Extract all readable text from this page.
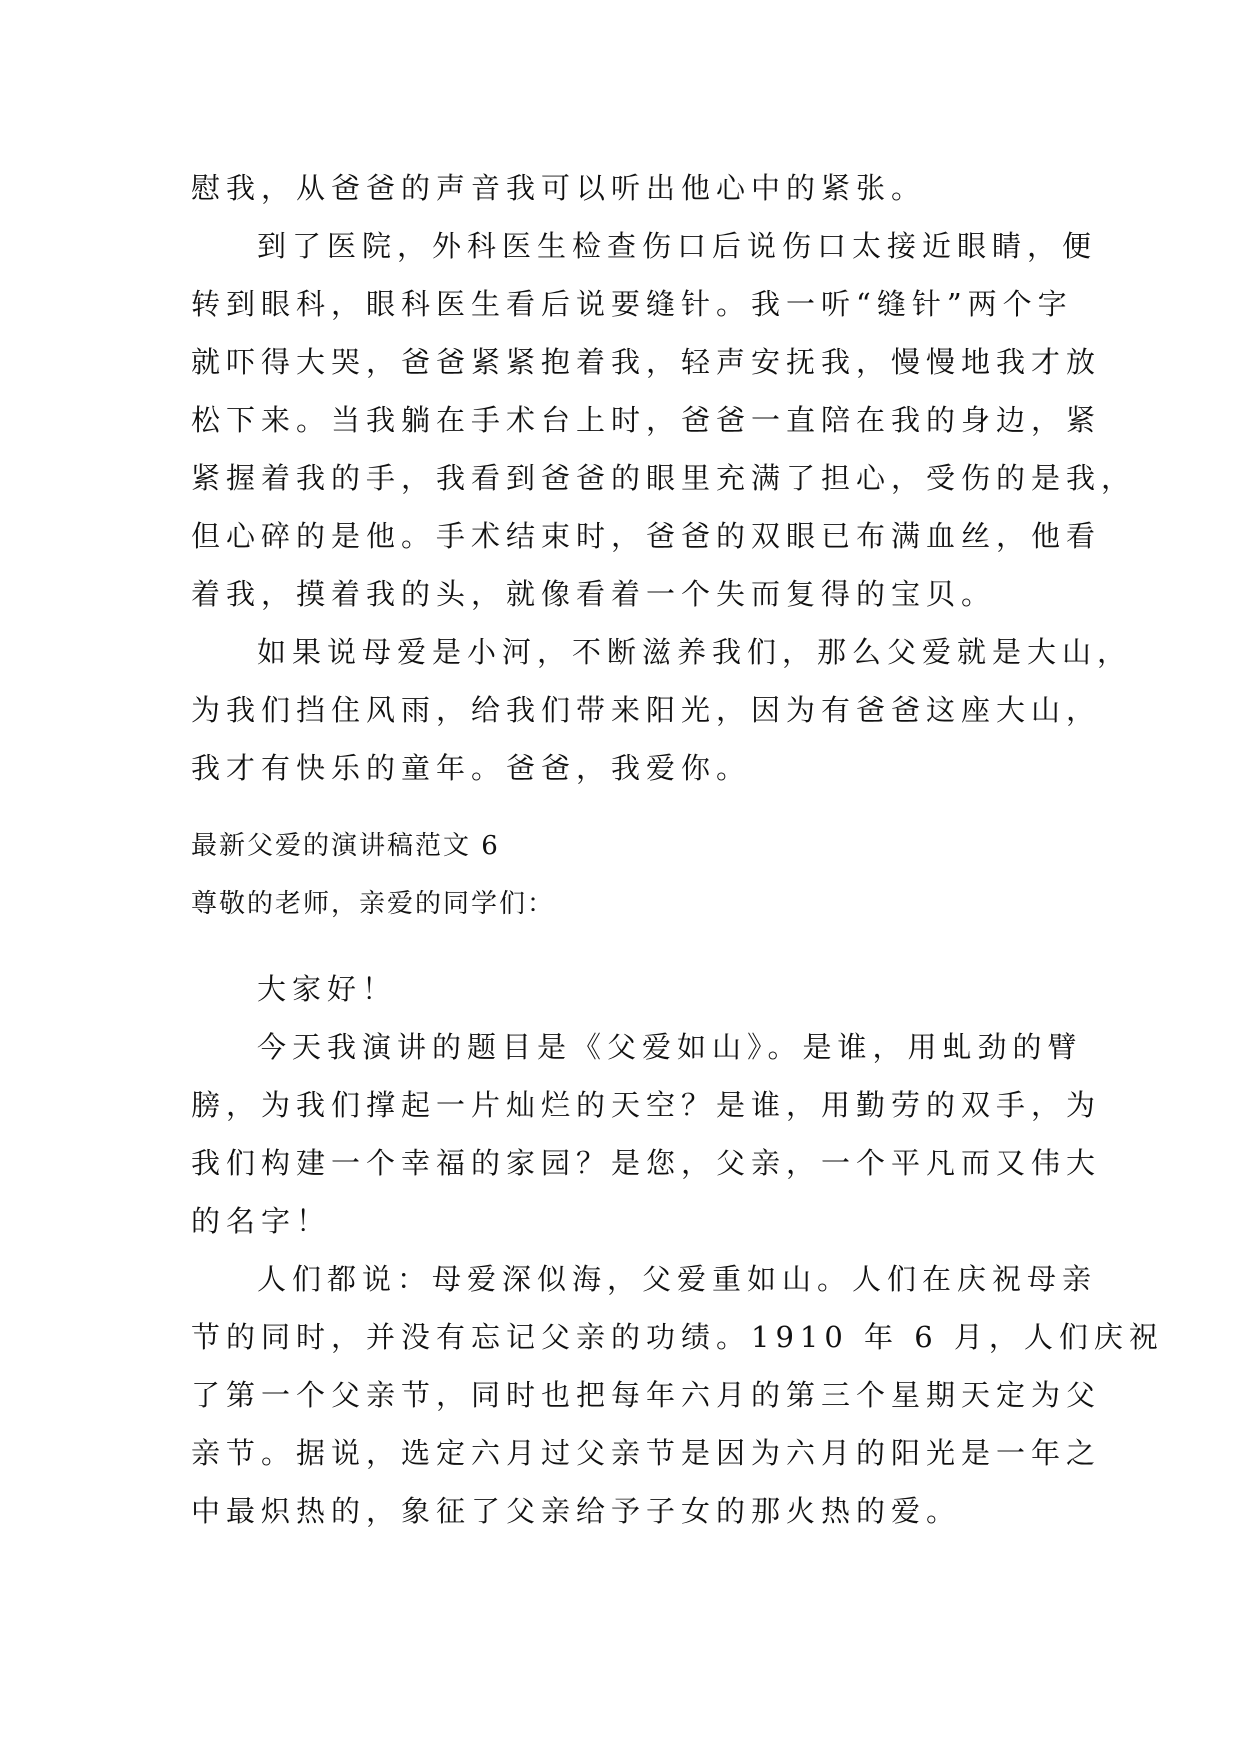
慰我，从爸爸的声音我可以听出他心中的紧张。
到了医院，外科医生检查伤口后说伤口太接近眼睛，便
转到眼科，眼科医生看后说要缝针。我一听“缝针”两个字
就吓得大哭，爸爸紧紧抱着我，轻声安抚我，慢慢地我才放
松下来。当我躺在手术台上时，爸爸一直陪在我的身边，紧
紧握着我的手，我看到爸爸的眼里充满了担心，受伤的是我，
但心碎的是他。手术结束时，爸爸的双眼已布满血丝，他看
着我，摸着我的头，就像看着一个失而复得的宝贝。
如果说母爱是小河，不断滋养我们，那么父爱就是大山，
为我们挡住风雨，给我们带来阳光，因为有爸爸这座大山，
我才有快乐的童年。爸爸，我爱你。
最新父爱的演讲稿范文 6
尊敬的老师，亲爱的同学们：
大家好！
今天我演讲的题目是《父爱如山》。是谁，用虬劲的臂
膀，为我们撑起一片灿烂的天空？是谁，用勤劳的双手，为
我们构建一个幸福的家园？是您，父亲，一个平凡而又伟大
的名字！
人们都说：母爱深似海，父爱重如山。人们在庆祝母亲
节的同时，并没有忘记父亲的功绩。1910 年 6 月，人们庆祝
了第一个父亲节，同时也把每年六月的第三个星期天定为父
亲节。据说，选定六月过父亲节是因为六月的阳光是一年之
中最炽热的，象征了父亲给予子女的那火热的爱。
